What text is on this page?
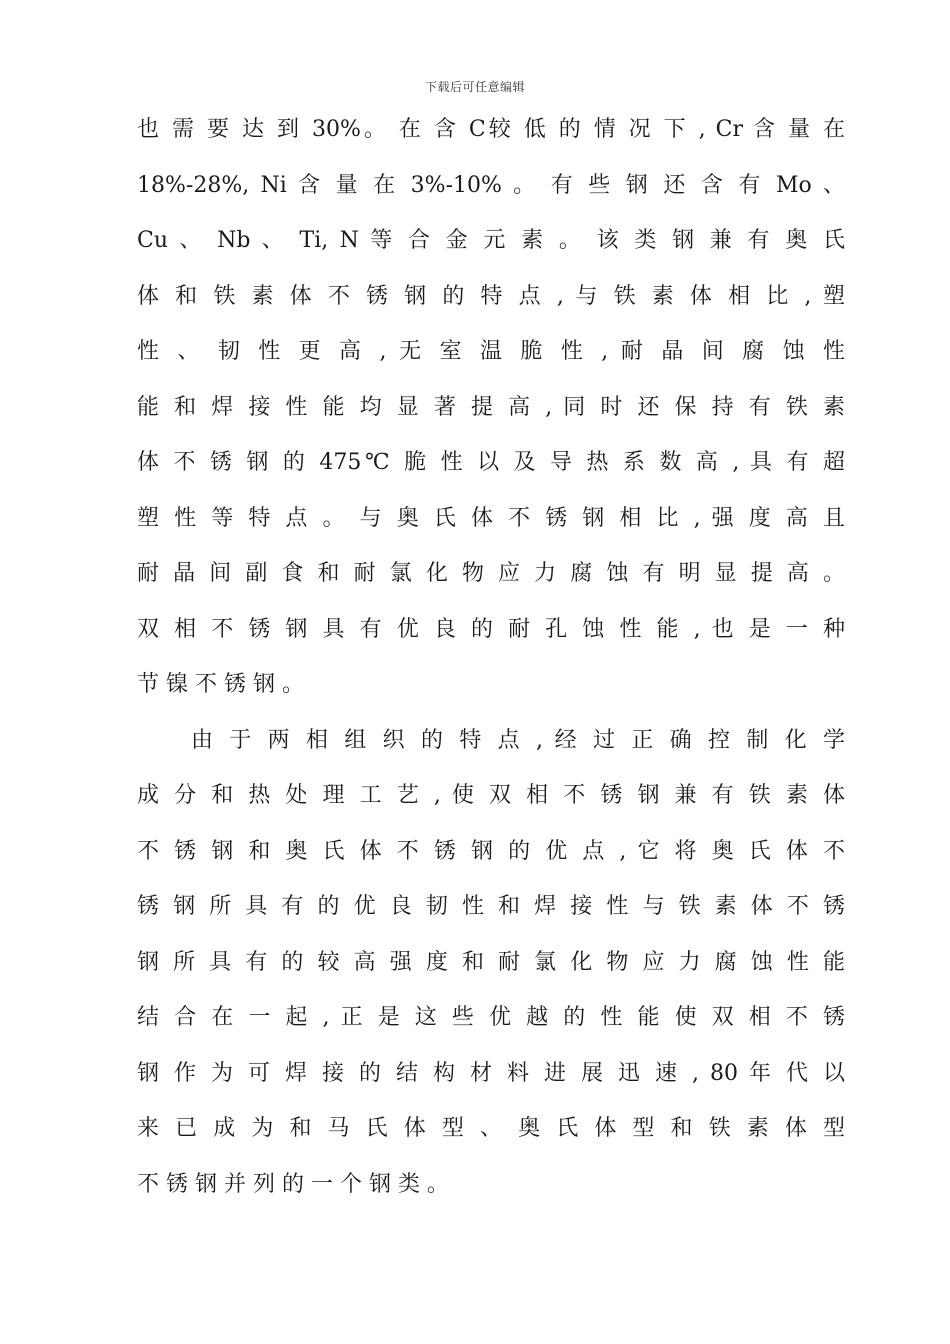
下载后可任意编辑
也 需 要 达 到 30%。 在 含 C较 低 的 情 况 下 , Cr 含 量 在
18%-28%, Ni 含 量 在 3%-10% 。 有 些 钢 还 含 有 Mo 、
Cu 、 Nb 、 Ti, N 等 合 金 元 素 。 该 类 钢 兼 有 奥 氏
体 和 铁 素 体 不 锈 钢 的 特 点 , 与 铁 素 体 相 比 , 塑
性 、 韧 性 更 高 , 无 室 温 脆 性 , 耐 晶 间 腐 蚀 性
能 和 焊 接 性 能 均 显 著 提 高 , 同 时 还 保 持 有 铁 素
体 不 锈 钢 的 475℃ 脆 性 以 及 导 热 系 数 高 , 具 有 超
塑 性 等 特 点 。 与 奥 氏 体 不 锈 钢 相 比 , 强 度 高 且
耐 晶 间 副 食 和 耐 氯 化 物 应 力 腐 蚀 有 明 显 提 高 。
双 相 不 锈 钢 具 有 优 良 的 耐 孔 蚀 性 能 , 也 是 一 种
节 镍 不 锈 钢 。
由 于 两 相 组 织 的 特 点 , 经 过 正 确 控 制 化 学
成 分 和 热 处 理 工 艺 , 使 双 相 不 锈 钢 兼 有 铁 素 体
不 锈 钢 和 奥 氏 体 不 锈 钢 的 优 点 , 它 将 奥 氏 体 不
锈 钢 所 具 有 的 优 良 韧 性 和 焊 接 性 与 铁 素 体 不 锈
钢 所 具 有 的 较 高 强 度 和 耐 氯 化 物 应 力 腐 蚀 性 能
结 合 在 一 起 , 正 是 这 些 优 越 的 性 能 使 双 相 不 锈
钢 作 为 可 焊 接 的 结 构 材 料 进 展 迅 速 , 80 年 代 以
来 已 成 为 和 马 氏 体 型 、 奥 氏 体 型 和 铁 素 体 型
不 锈 钢 并 列 的 一 个 钢 类 。
